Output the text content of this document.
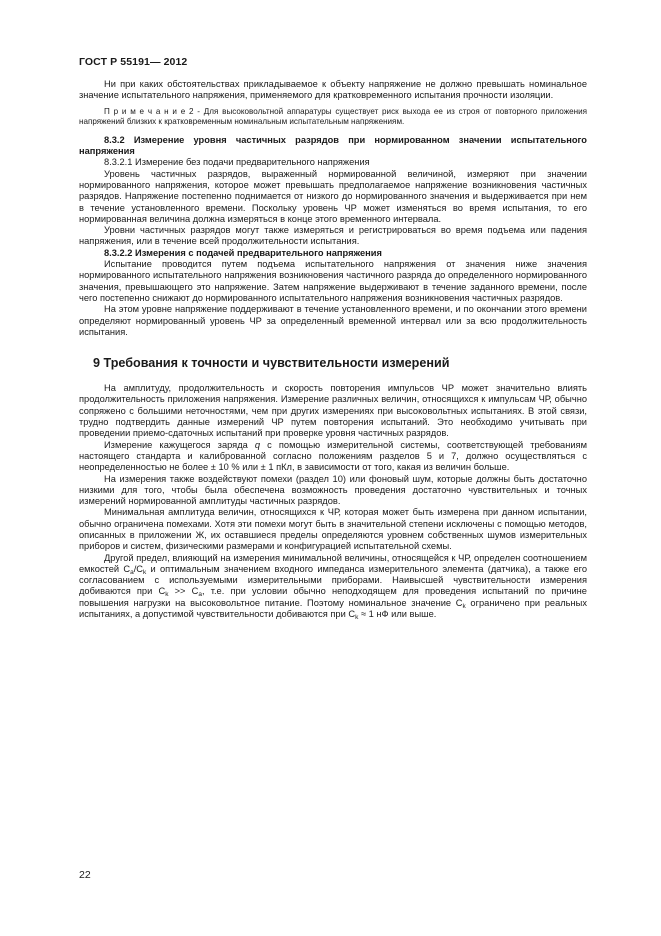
ГОСТ Р 55191— 2012

Ни при каких обстоятельствах прикладываемое к объекту напряжение не должно превышать номинальное значение испытательного напряжения, применяемого для кратковременного испытания прочности изоляции.

П р и м е ч а н и е 2 - Для высоковольтной аппаратуры существует риск выхода ее из строя от повторного приложения напряжений близких к кратковременным номинальным испытательным напряжениям.

8.3.2 Измерение уровня частичных разрядов при нормированном значении испытательного напряжения

8.3.2.1 Измерение без подачи предварительного напряжения

Уровень частичных разрядов, выраженный нормированной величиной, измеряют при значении нормированного напряжения, которое может превышать предполагаемое напряжение возникновения частичных разрядов. Напряжение постепенно поднимается от низкого до нормированного значения и выдерживается при нем в течение установленного времени. Поскольку уровень ЧР может изменяться во время испытания, то его нормированная величина должна измеряться в конце этого временного интервала.

Уровни частичных разрядов могут также измеряться и регистрироваться во время подъема или падения напряжения, или в течение всей продолжительности испытания.

8.3.2.2 Измерения с подачей предварительного напряжения

Испытание проводится путем подъема испытательного напряжения от значения ниже значения нормированного испытательного напряжения возникновения частичного разряда до определенного нормированного значения, превышающего это напряжение. Затем напряжение выдерживают в течение заданного времени, после чего постепенно снижают до нормированного испытательного напряжения возникновения частичных разрядов.

На этом уровне напряжение поддерживают в течение установленного времени, и по окончании этого времени определяют нормированный уровень ЧР за определенный временной интервал или за всю продолжительность испытания.

9 Требования к точности и чувствительности измерений

На амплитуду, продолжительность и скорость повторения импульсов ЧР может значительно влиять продолжительность приложения напряжения. Измерение различных величин, относящихся к импульсам ЧР, обычно сопряжено с большими неточностями, чем при других измерениях при высоковольтных испытаниях. В этой связи, трудно подтвердить данные измерений ЧР путем повторения испытаний. Это необходимо учитывать при проведении приемо-сдаточных испытаний при проверке уровня частичных разрядов.

Измерение кажущегося заряда q с помощью измерительной системы, соответствующей требованиям настоящего стандарта и калиброванной согласно положениям разделов 5 и 7, должно осуществляться с неопределенностью не более ± 10 % или ± 1 пКл, в зависимости от того, какая из величин больше.

На измерения также воздействуют помехи (раздел 10) или фоновый шум, которые должны быть достаточно низкими для того, чтобы была обеспечена возможность проведения достаточно чувствительных и точных измерений нормированной амплитуды частичных разрядов.

Минимальная амплитуда величин, относящихся к ЧР, которая может быть измерена при данном испытании, обычно ограничена помехами. Хотя эти помехи могут быть в значительной степени исключены с помощью методов, описанных в приложении Ж, их оставшиеся пределы определяются уровнем собственных шумов измерительных приборов и систем, физическими размерами и конфигурацией испытательной схемы.

Другой предел, влияющий на измерения минимальной величины, относящейся к ЧР, определен соотношением емкостей $C_a/C_k$ и оптимальным значением входного импеданса измерительного элемента (датчика), а также его согласованием с используемыми измерительными приборами. Наивысшей чувствительности измерения добиваются при $C_k >> C_a$, т.е. при условии обычно неподходящем для проведения испытаний по причине повышения нагрузки на высоковольтное питание. Поэтому номинальное значение $C_k$ ограничено при реальных испытаниях, а допустимой чувствительности добиваются при $C_k \approx 1$ нФ или выше.

22
